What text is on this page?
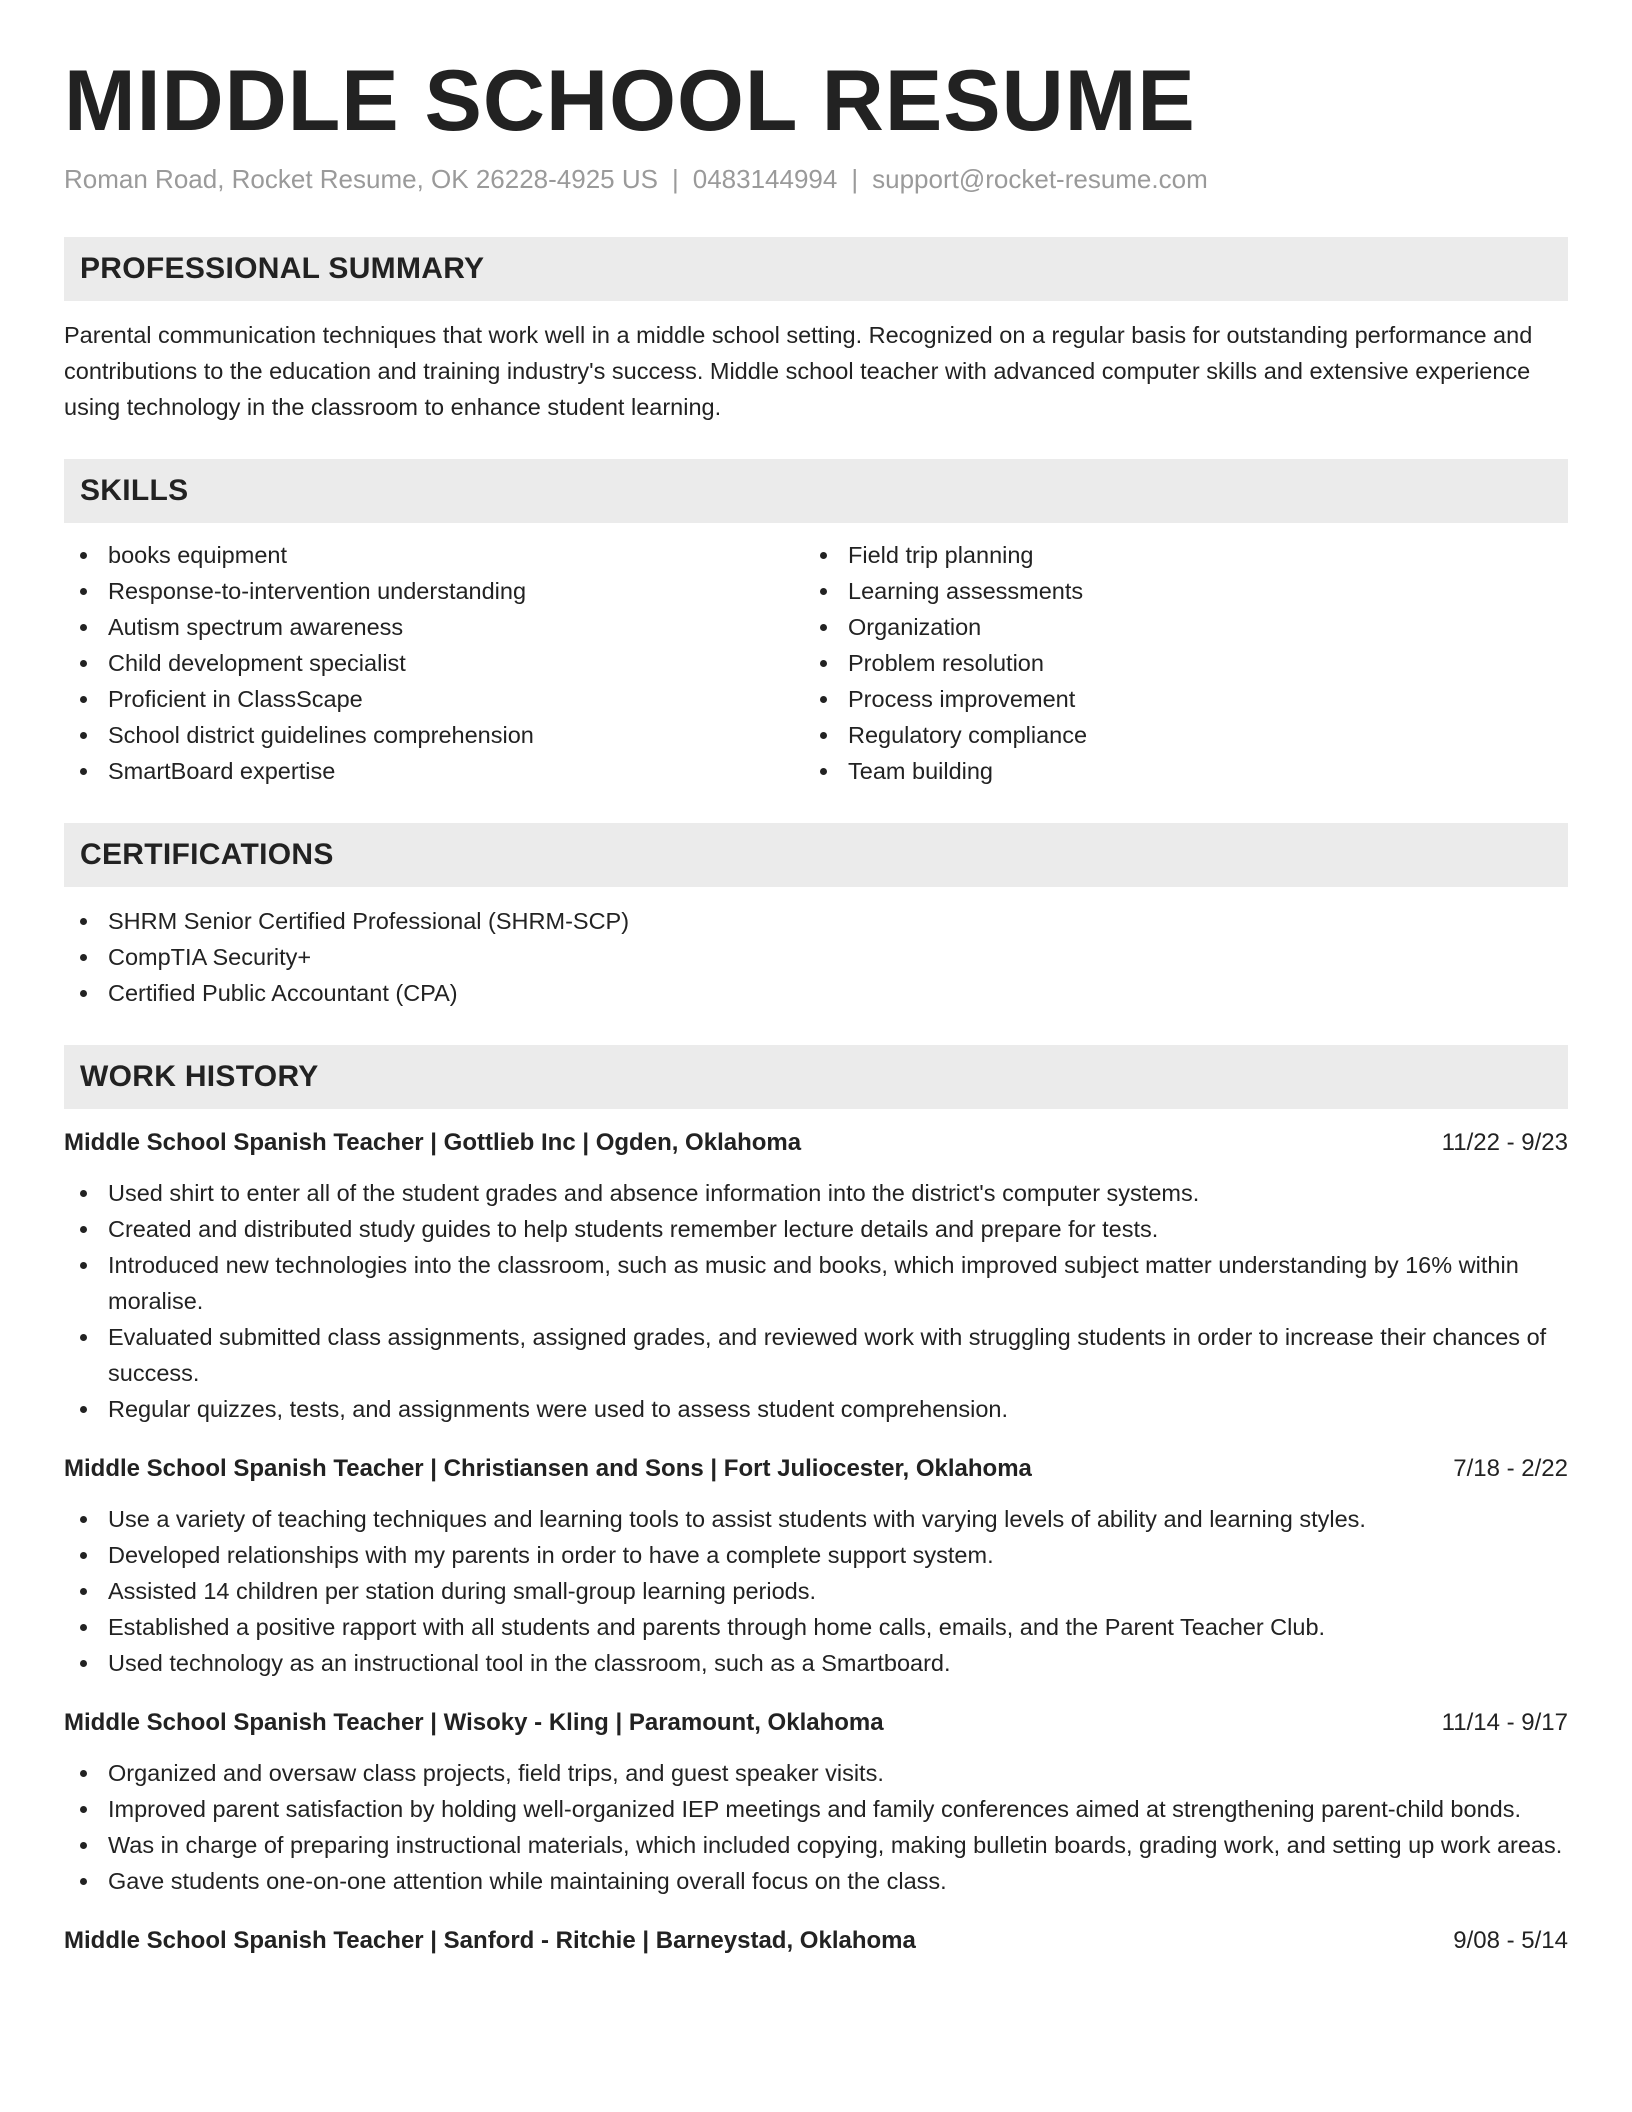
MIDDLE SCHOOL RESUME
Roman Road, Rocket Resume, OK 26228-4925 US | 0483144994 | support@rocket-resume.com
PROFESSIONAL SUMMARY

Parental communication techniques that work well in a middle school setting. Recognized on a regular basis for outstanding performance and contributions to the education and training industry's success. Middle school teacher with advanced computer skills and extensive experience using technology in the classroom to enhance student learning.

SKILLS
books equipment
Response-to-intervention understanding
Autism spectrum awareness
Child development specialist
Proficient in ClassScape
School district guidelines comprehension
SmartBoard expertise
Field trip planning
Learning assessments
Organization
Problem resolution
Process improvement
Regulatory compliance
Team building
CERTIFICATIONS
SHRM Senior Certified Professional (SHRM-SCP)
CompTIA Security+
Certified Public Accountant (CPA)
WORK HISTORY
Middle School Spanish Teacher | Gottlieb Inc | Ogden, Oklahoma	11/22 - 9/23
Used shirt to enter all of the student grades and absence information into the district's computer systems.
Created and distributed study guides to help students remember lecture details and prepare for tests.
Introduced new technologies into the classroom, such as music and books, which improved subject matter understanding by 16% within moralise.
Evaluated submitted class assignments, assigned grades, and reviewed work with struggling students in order to increase their chances of success.
Regular quizzes, tests, and assignments were used to assess student comprehension.
Middle School Spanish Teacher | Christiansen and Sons | Fort Juliocester, Oklahoma	7/18 - 2/22
Use a variety of teaching techniques and learning tools to assist students with varying levels of ability and learning styles.
Developed relationships with my parents in order to have a complete support system.
Assisted 14 children per station during small-group learning periods.
Established a positive rapport with all students and parents through home calls, emails, and the Parent Teacher Club.
Used technology as an instructional tool in the classroom, such as a Smartboard.
Middle School Spanish Teacher | Wisoky - Kling | Paramount, Oklahoma	11/14 - 9/17
Organized and oversaw class projects, field trips, and guest speaker visits.
Improved parent satisfaction by holding well-organized IEP meetings and family conferences aimed at strengthening parent-child bonds.
Was in charge of preparing instructional materials, which included copying, making bulletin boards, grading work, and setting up work areas.
Gave students one-on-one attention while maintaining overall focus on the class.
Middle School Spanish Teacher | Sanford - Ritchie | Barneystad, Oklahoma	9/08 - 5/14
